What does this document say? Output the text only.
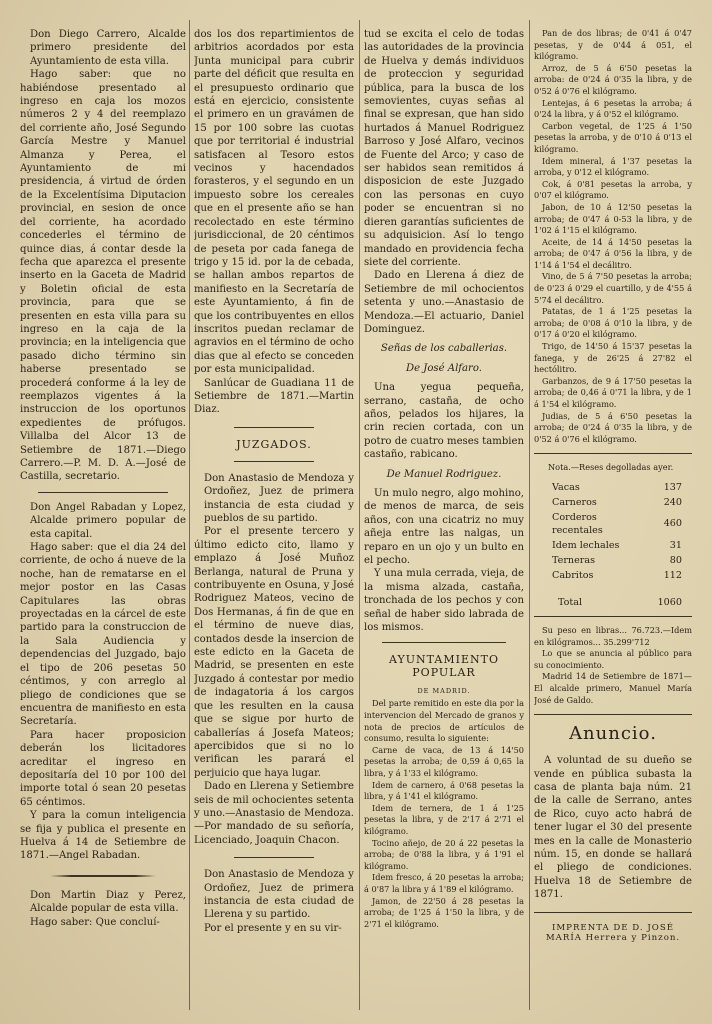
Don Diego Carrero, Alcalde primero presidente del Ayuntamiento de esta villa.

Hago saber: que no habiéndose presentado al ingreso en caja los mozos números 2 y 4 del reemplazo del corriente año, José Segundo García Mestre y Manuel Almanza y Perea, el Ayuntamiento de mi presidencia, á virtud de órden de la Excelentísima Diputacion provincial, en sesion de once del corriente, ha acordado concederles el término de quince dias, á contar desde la fecha que aparezca el presente inserto en la Gaceta de Madrid y Boletin oficial de esta provincia, para que se presenten en esta villa para su ingreso en la caja de la provincia; en la inteligencia que pasado dicho término sin haberse presentado se procederá conforme á la ley de reemplazos vigentes á la instruccion de los oportunos expedientes de prófugos. Villalba del Alcor 13 de Setiembre de 1871.—Diego Carrero.—P. M. D. A.—José de Castilla, secretario.

Don Angel Rabadan y Lopez, Alcalde primero popular de esta capital.

Hago saber: que el dia 24 del corriente, de ocho á nueve de la noche, han de rematarse en el mejor postor en las Casas Capitulares las obras proyectadas en la cárcel de este partido para la construccion de la Sala Audiencia y dependencias del Juzgado, bajo el tipo de 206 pesetas 50 céntimos, y con arreglo al pliego de condiciones que se encuentra de manifiesto en esta Secretaría.

Para hacer proposicion deberán los licitadores acreditar el ingreso en depositaría del 10 por 100 del importe total ó sean 20 pesetas 65 céntimos.

Y para la comun inteligencia se fija y publica el presente en Huelva á 14 de Setiembre de 1871.—Angel Rabadan.

Don Martin Diaz y Perez, Alcalde popular de esta villa.

Hago saber: Que concluí-

dos los dos repartimientos de arbitrios acordados por esta Junta municipal para cubrir parte del déficit que resulta en el presupuesto ordinario que está en ejercicio, consistente el primero en un gravámen de 15 por 100 sobre las cuotas que por territorial é industrial satisfacen al Tesoro estos vecinos y hacendados forasteros, y el segundo en un impuesto sobre los cereales que en el presente año se han recolectado en este término jurisdiccional, de 20 céntimos de peseta por cada fanega de trigo y 15 id. por la de cebada, se hallan ambos repartos de manifiesto en la Secretaría de este Ayuntamiento, á fin de que los contribuyentes en ellos inscritos puedan reclamar de agravios en el término de ocho dias que al efecto se conceden por esta municipalidad.

Sanlúcar de Guadiana 11 de Setiembre de 1871.—Martin Diaz.

JUZGADOS.

Don Anastasio de Mendoza y Ordoñez, Juez de primera instancia de esta ciudad y pueblos de su partido.

Por el presente tercero y último edicto cito, llamo y emplazo á José Muñoz Berlanga, natural de Pruna y contribuyente en Osuna, y José Rodriguez Mateos, vecino de Dos Hermanas, á fin de que en el término de nueve dias, contados desde la insercion de este edicto en la Gaceta de Madrid, se presenten en este Juzgado á contestar por medio de indagatoria á los cargos que les resulten en la causa que se sigue por hurto de caballerías á Josefa Mateos; apercibidos que si no lo verifican les parará el perjuicio que haya lugar.

Dado en Llerena y Setiembre seis de mil ochocientes setenta y uno.—Anastasio de Mendoza.—Por mandado de su señoría, Licenciado, Joaquin Chacon.

Don Anastasio de Mendoza y Ordoñez, Juez de primera instancia de esta ciudad de Llerena y su partido.

Por el presente y en su vir-

tud se excita el celo de todas las autoridades de la provincia de Huelva y demás individuos de proteccion y seguridad pública, para la busca de los semovientes, cuyas señas al final se expresan, que han sido hurtados á Manuel Rodriguez Barroso y José Alfaro, vecinos de Fuente del Arco; y caso de ser habidos sean remitidos á disposicion de este Juzgado con las personas en cuyo poder se encuentran si no dieren garantías suficientes de su adquisicion. Así lo tengo mandado en providencia fecha siete del corriente.

Dado en Llerena á diez de Setiembre de mil ochocientos setenta y uno.—Anastasio de Mendoza.—El actuario, Daniel Dominguez.

Señas de los caballerias.

De José Alfaro.

Una yegua pequeña, serrano, castaña, de ocho años, pelados los hijares, la crin recien cortada, con un potro de cuatro meses tambien castaño, rabicano.

De Manuel Rodriguez.

Un mulo negro, algo mohino, de menos de marca, de seis años, con una cicatriz no muy añeja entre las nalgas, un reparo en un ojo y un bulto en el pecho.

Y una mula cerrada, vieja, de la misma alzada, castaña, tronchada de los pechos y con señal de haber sido labrada de los mismos.

AYUNTAMIENTO POPULAR
DE MADRID.

Del parte remitido en este dia por la intervencion del Mercado de granos y nota de precios de artículos de consumo, resulta lo siguiente:

Carne de vaca, de 13 á 14'50 pesetas la arroba; de 0,59 á 0,65 la libra, y á 1'33 el kilógramo.

Idem de carnero, á 0'68 pesetas la libra, y á 1'41 el kilógramo.

Idem de ternera, de 1 á 1'25 pesetas la libra, y de 2'17 á 2'71 el kilógramo.

Tocino añejo, de 20 á 22 pesetas la arroba; de 0'88 la libra, y á 1'91 el kilógramo.

Idem fresco, á 20 pesetas la arroba; á 0'87 la libra y á 1'89 el kilógramo.

Jamon, de 22'50 á 28 pesetas la arroba; de 1'25 á 1'50 la libra, y de 2'71 el kilógramo.

Pan de dos libras; de 0'41 á 0'47 pesetas, y de 0'44 á 051, el kilógramo.

Arroz, de 5 á 6'50 pesetas la arroba: de 0'24 á 0'35 la libra, y de 0'52 á 0'76 el kilógramo.

Lentejas, á 6 pesetas la arroba; á 0'24 la libra, y á 0'52 el kilógramo.

Carbon vegetal, de 1'25 á 1'50 pesetas la arroba, y de 0'10 á 0'13 el kilógramo.

Idem mineral, á 1'37 pesetas la arroba, y 0'12 el kilógramo.

Cok, á 0'81 pesetas la arroba, y 0'07 el kilógramo.

Jabon, de 10 á 12'50 pesetas la arroba; de 0'47 á 0-53 la libra, y de 1'02 á 1'15 el kilógramo.

Aceite, de 14 á 14'50 pesetas la arroba; de 0'47 á 0'56 la libra, y de 1'14 á 1'54 el decálitro.

Vino, de 5 á 7'50 pesetas la arroba; de 0'23 á 0'29 el cuartillo, y de 4'55 á 5'74 el decálitro.

Patatas, de 1 á 1'25 pesetas la arroba; de 0'08 á 0'10 la libra, y de 0'17 á 0'20 el kilógramo.

Trigo, de 14'50 á 15'37 pesetas la fanega, y de 26'25 á 27'82 el hectólitro.

Garbanzos, de 9 á 17'50 pesetas la arroba; de 0,46 á 0'71 la libra, y de 1 á 1'54 el kilógramo.

Judias, de 5 á 6'50 pesetas la arroba; de 0'24 á 0'35 la libra, y de 0'52 á 0'76 el kilógramo.

Nota.—Reses degolladas ayer.

Vacas	137
Carneros	240
Corderos recentales	460
Idem lechales	31
Terneras	80
Cabritos	112
Total	1060

Su peso en libras... 76.723.—Idem en kilógramos... 35.299'712

Lo que se anuncia al público para su conocimiento.

Madrid 14 de Setiembre de 1871—El alcalde primero, Manuel María José de Galdo.

Anuncio.

A voluntad de su dueño se vende en pública subasta la casa de planta baja núm. 21 de la calle de Serrano, antes de Rico, cuyo acto habrá de tener lugar el 30 del presente mes en la calle de Monasterio núm. 15, en donde se hallará el pliego de condiciones. Huelva 18 de Setiembre de 1871.

IMPRENTA DE D. JOSÉ MARÍA Herrera y Pinzon.
